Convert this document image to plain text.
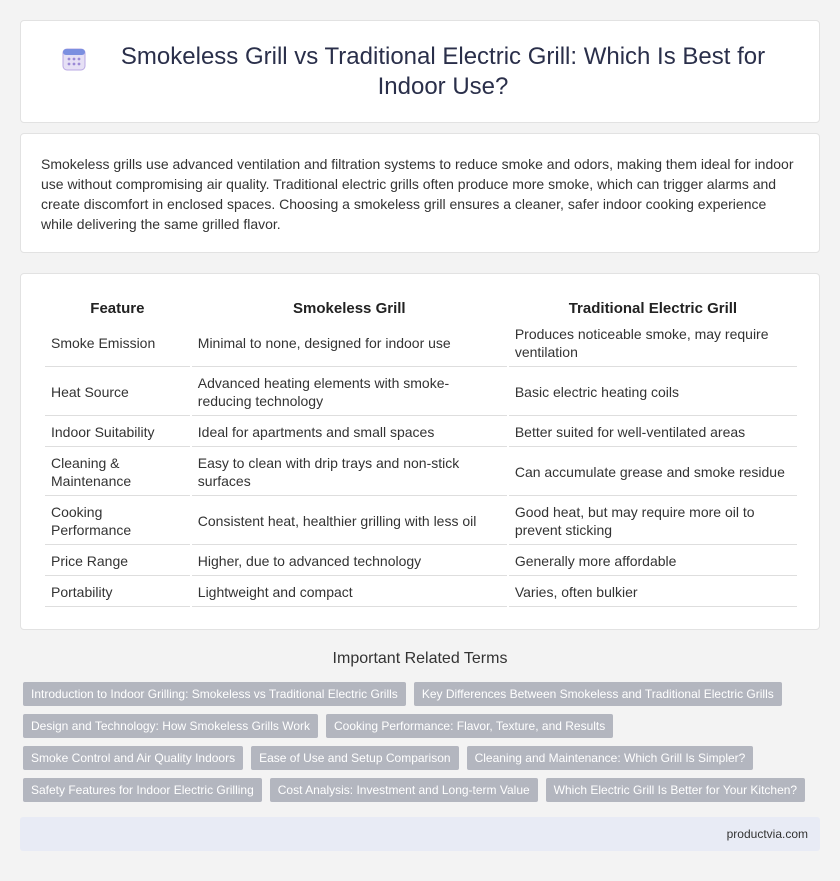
Smokeless Grill vs Traditional Electric Grill: Which Is Best for Indoor Use?

Smokeless grills use advanced ventilation and filtration systems to reduce smoke and odors, making them ideal for indoor use without compromising air quality. Traditional electric grills often produce more smoke, which can trigger alarms and create discomfort in enclosed spaces. Choosing a smokeless grill ensures a cleaner, safer indoor cooking experience while delivering the same grilled flavor.

Feature	Smokeless Grill	Traditional Electric Grill
Smoke Emission	Minimal to none, designed for indoor use	Produces noticeable smoke, may require ventilation
Heat Source	Advanced heating elements with smoke-reducing technology	Basic electric heating coils
Indoor Suitability	Ideal for apartments and small spaces	Better suited for well-ventilated areas
Cleaning & Maintenance	Easy to clean with drip trays and non-stick surfaces	Can accumulate grease and smoke residue
Cooking Performance	Consistent heat, healthier grilling with less oil	Good heat, but may require more oil to prevent sticking
Price Range	Higher, due to advanced technology	Generally more affordable
Portability	Lightweight and compact	Varies, often bulkier
Important Related Terms
Introduction to Indoor Grilling: Smokeless vs Traditional Electric Grills	Key Differences Between Smokeless and Traditional Electric Grills
Design and Technology: How Smokeless Grills Work	Cooking Performance: Flavor, Texture, and Results
Smoke Control and Air Quality Indoors	Ease of Use and Setup Comparison	Cleaning and Maintenance: Which Grill Is Simpler?
Safety Features for Indoor Electric Grilling	Cost Analysis: Investment and Long-term Value	Which Electric Grill Is Better for Your Kitchen?
productvia.com
